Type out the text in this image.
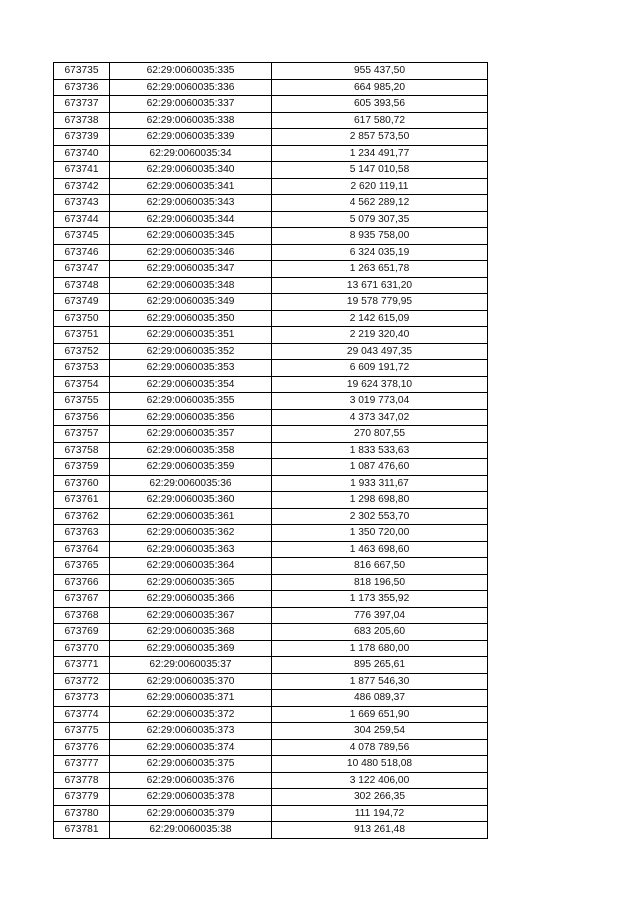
673735	62:29:0060035:335	955 437,50
673736	62:29:0060035:336	664 985,20
673737	62:29:0060035:337	605 393,56
673738	62:29:0060035:338	617 580,72
673739	62:29:0060035:339	2 857 573,50
673740	62:29:0060035:34	1 234 491,77
673741	62:29:0060035:340	5 147 010,58
673742	62:29:0060035:341	2 620 119,11
673743	62:29:0060035:343	4 562 289,12
673744	62:29:0060035:344	5 079 307,35
673745	62:29:0060035:345	8 935 758,00
673746	62:29:0060035:346	6 324 035,19
673747	62:29:0060035:347	1 263 651,78
673748	62:29:0060035:348	13 671 631,20
673749	62:29:0060035:349	19 578 779,95
673750	62:29:0060035:350	2 142 615,09
673751	62:29:0060035:351	2 219 320,40
673752	62:29:0060035:352	29 043 497,35
673753	62:29:0060035:353	6 609 191,72
673754	62:29:0060035:354	19 624 378,10
673755	62:29:0060035:355	3 019 773,04
673756	62:29:0060035:356	4 373 347,02
673757	62:29:0060035:357	270 807,55
673758	62:29:0060035:358	1 833 533,63
673759	62:29:0060035:359	1 087 476,60
673760	62:29:0060035:36	1 933 311,67
673761	62:29:0060035:360	1 298 698,80
673762	62:29:0060035:361	2 302 553,70
673763	62:29:0060035:362	1 350 720,00
673764	62:29:0060035:363	1 463 698,60
673765	62:29:0060035:364	816 667,50
673766	62:29:0060035:365	818 196,50
673767	62:29:0060035:366	1 173 355,92
673768	62:29:0060035:367	776 397,04
673769	62:29:0060035:368	683 205,60
673770	62:29:0060035:369	1 178 680,00
673771	62:29:0060035:37	895 265,61
673772	62:29:0060035:370	1 877 546,30
673773	62:29:0060035:371	486 089,37
673774	62:29:0060035:372	1 669 651,90
673775	62:29:0060035:373	304 259,54
673776	62:29:0060035:374	4 078 789,56
673777	62:29:0060035:375	10 480 518,08
673778	62:29:0060035:376	3 122 406,00
673779	62:29:0060035:378	302 266,35
673780	62:29:0060035:379	111 194,72
673781	62:29:0060035:38	913 261,48
